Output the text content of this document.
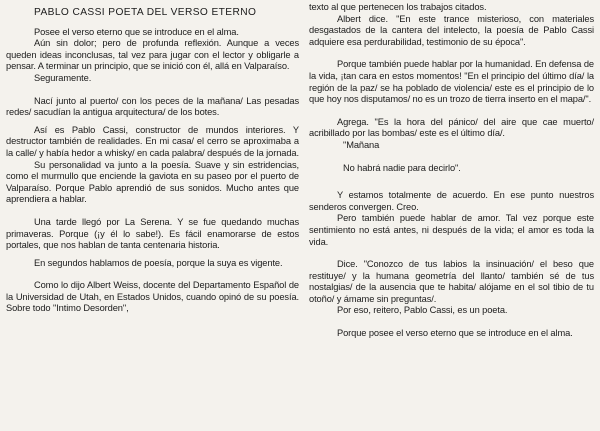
PABLO CASSI POETA DEL VERSO ETERNO

Posee el verso eterno que se introduce en el alma.

Aún sin dolor; pero de profunda reflexión. Aunque a veces queden ideas inconclusas, tal vez para jugar con el lector y obligarle a pensar. A terminar un principio, que se inició con él, allá en Valparaíso.

Seguramente.

Nací junto al puerto/ con los peces de la mañana/ Las pesadas redes/ sacudían la antigua arquitectura/ de los botes.

Así es Pablo Cassi, constructor de mundos interiores. Y destructor también de realidades. En mi casa/ el cerro se aproximaba a la calle/ y había hedor a whisky/ en cada palabra/ después de la jornada.

Su personalidad va junto a la poesía. Suave y sin estridencias, como el murmullo que enciende la gaviota en su paseo por el puerto de Valparaíso. Porque Pablo aprendió de sus sonidos. Mucho antes que aprendiera a hablar.

Una tarde llegó por La Serena. Y se fue quedando muchas primaveras. Porque (¡y él lo sabe!). Es fácil enamorarse de estos portales, que nos hablan de tanta centenaria historia.

En segundos hablamos de poesía, porque la suya es vigente.

Como lo dijo Albert Weiss, docente del Departamento Español de la Universidad de Utah, en Estados Unidos, cuando opinó de su poesía. Sobre todo "Intimo Desorden",

texto al que pertenecen los trabajos citados.

Albert dice. "En este trance misterioso, con materiales desgastados de la cantera del intelecto, la poesía de Pablo Cassi adquiere esa perdurabilidad, testimonio de su época".

Porque también puede hablar por la humanidad. En defensa de la vida, ¡tan cara en estos momentos! "En el principio del último día/ la región de la paz/ se ha poblado de violencia/ este es el principio de lo que hoy nos disputamos/ no es un trozo de tierra inserto en el mapa/".

Agrega. "Es la hora del pánico/ del aire que cae muerto/ acribillado por las bombas/ este es el último día/.

"Mañana

No habrá nadie para decirlo".

Y estamos totalmente de acuerdo. En ese punto nuestros senderos convergen. Creo.

Pero también puede hablar de amor. Tal vez porque este sentimiento no está antes, ni después de la vida; el amor es toda la vida.

Dice. "Conozco de tus labios la insinuación/ el beso que restituye/ y la humana geometría del llanto/ también sé de tus nostalgias/ de la ausencia que te habita/ alójame en el sol tibio de tu otoño/ y ámame sin preguntas/.

Por eso, reitero, Pablo Cassi, es un poeta.

Porque posee el verso eterno que se introduce en el alma.
